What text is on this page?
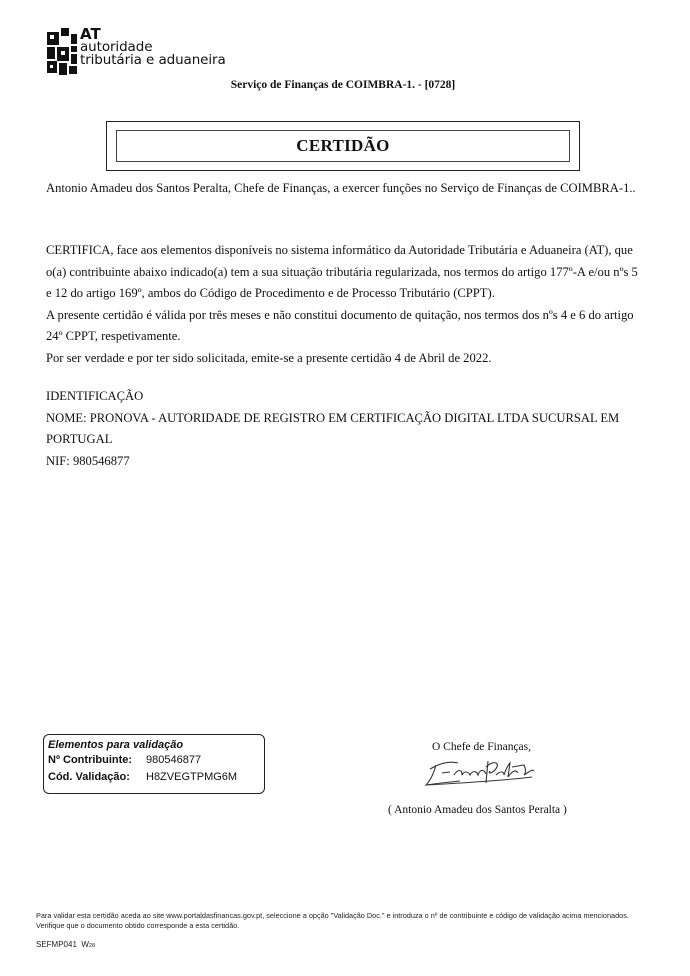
AT
autoridade
tributária e aduaneira
Serviço de Finanças de COIMBRA-1. - [0728]
CERTIDÃO

Antonio Amadeu dos Santos Peralta, Chefe de Finanças, a exercer funções no Serviço de Finanças de COIMBRA-1..

CERTIFICA, face aos elementos disponíveis no sistema informático da Autoridade Tributária e Aduaneira (AT), que o(a) contribuinte abaixo indicado(a) tem a sua situação tributária regularizada, nos termos do artigo 177º-A e/ou nºs 5 e 12 do artigo 169º, ambos do Código de Procedimento e de Processo Tributário (CPPT).

A presente certidão é válida por três meses e não constitui documento de quitação, nos termos dos nºs 4 e 6 do artigo 24º CPPT, respetivamente.

Por ser verdade e por ter sido solicitada, emite-se a presente certidão 4 de Abril de 2022.

IDENTIFICAÇÃO

NOME: PRONOVA - AUTORIDADE DE REGISTRO EM CERTIFICAÇÃO DIGITAL LTDA SUCURSAL EM PORTUGAL

NIF: 980546877

Elementos para validação
Nº Contribuinte: 980546877
Cód. Validação: H8ZVEGTPMG6M
O Chefe de Finanças,
( Antonio Amadeu dos Santos Peralta )
Para validar esta certidão aceda ao site www.portaldasfinancas.gov.pt, seleccione a opção "Validação Doc." e introduza o nº de contribuinte e código de validação acima mencionados. Verifique que o documento obtido corresponde a esta certidão.
SEFMP041 W28
